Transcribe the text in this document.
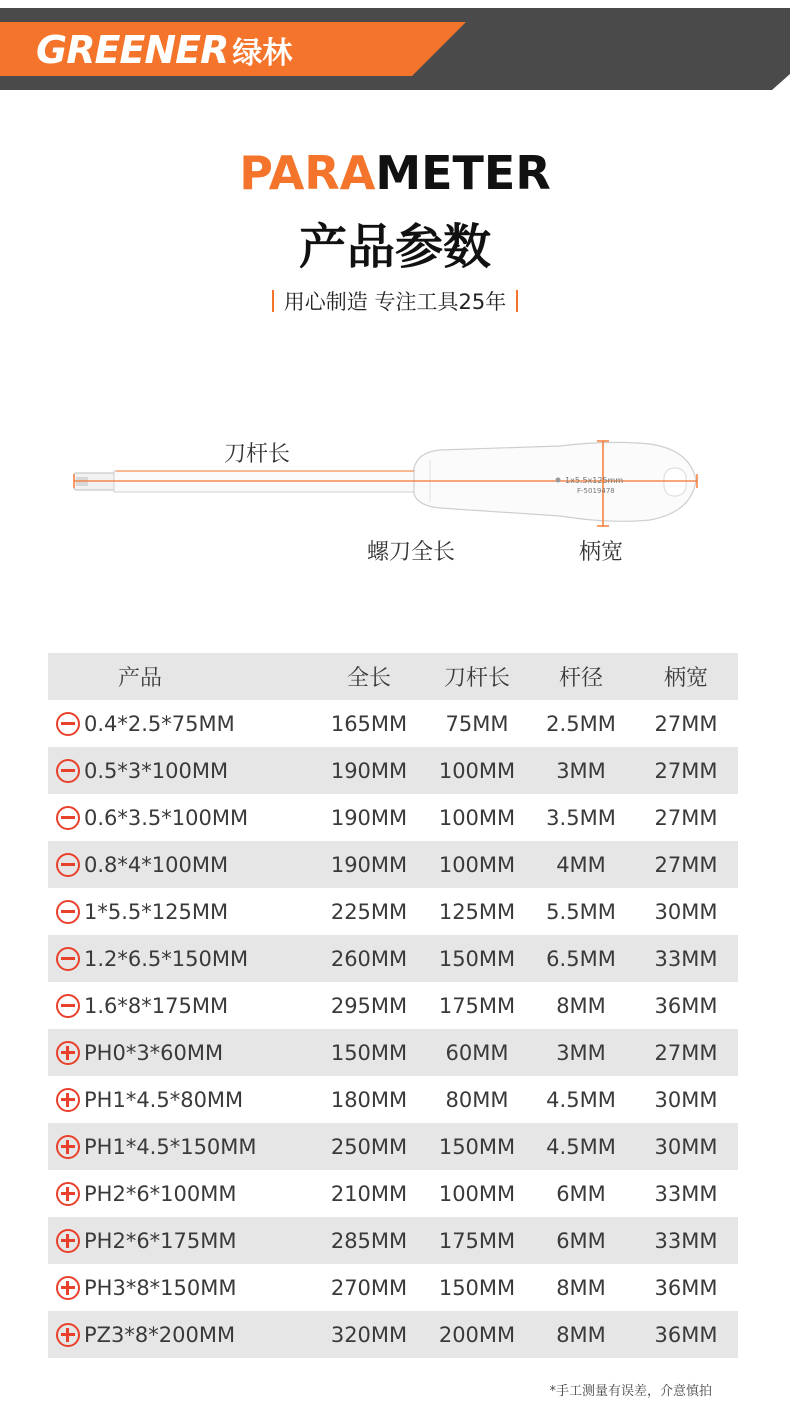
GREENER 绿林
PARAMETER
产品参数
用心制造 专注工具25年
1x5.5x125mm
F-5019478
刀杆长
螺刀全长	柄宽
产品	全长	刀杆长	杆径	柄宽
0.4*2.5*75MM	165MM	75MM	2.5MM	27MM
0.5*3*100MM	190MM	100MM	3MM	27MM
0.6*3.5*100MM	190MM	100MM	3.5MM	27MM
0.8*4*100MM	190MM	100MM	4MM	27MM
1*5.5*125MM	225MM	125MM	5.5MM	30MM
1.2*6.5*150MM	260MM	150MM	6.5MM	33MM
1.6*8*175MM	295MM	175MM	8MM	36MM
PH0*3*60MM	150MM	60MM	3MM	27MM
PH1*4.5*80MM	180MM	80MM	4.5MM	30MM
PH1*4.5*150MM	250MM	150MM	4.5MM	30MM
PH2*6*100MM	210MM	100MM	6MM	33MM
PH2*6*175MM	285MM	175MM	6MM	33MM
PH3*8*150MM	270MM	150MM	8MM	36MM
PZ3*8*200MM	320MM	200MM	8MM	36MM
*手工测量有误差，介意慎拍
